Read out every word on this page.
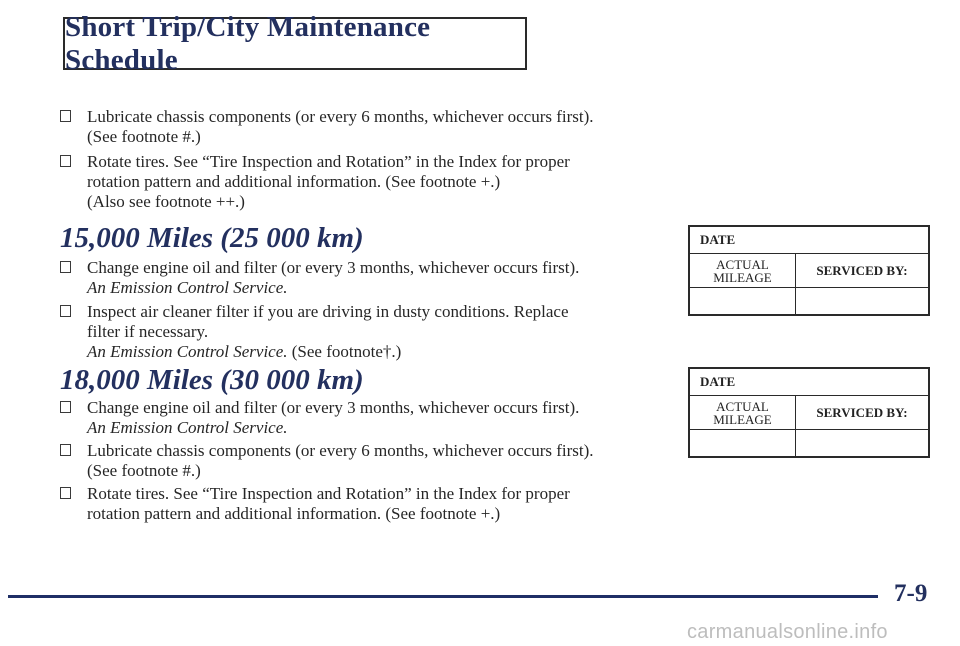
Short Trip/City Maintenance Schedule
Lubricate chassis components (or every 6 months, whichever occurs first).
(See footnote #.)
Rotate tires. See “Tire Inspection and Rotation” in the Index for proper
rotation pattern and additional information. (See footnote +.)
(Also see footnote ++.)
15,000 Miles (25 000 km)
Change engine oil and filter (or every 3 months, whichever occurs first).
An Emission Control Service.
Inspect air cleaner filter if you are driving in dusty conditions. Replace
filter if necessary.
An Emission Control Service. (See footnote†.)
DATE
ACTUAL
MILEAGE	SERVICED BY:
18,000 Miles (30 000 km)
Change engine oil and filter (or every 3 months, whichever occurs first).
An Emission Control Service.
Lubricate chassis components (or every 6 months, whichever occurs first).
(See footnote #.)
Rotate tires. See “Tire Inspection and Rotation” in the Index for proper
rotation pattern and additional information. (See footnote +.)
DATE
ACTUAL
MILEAGE	SERVICED BY:
7-9
carmanualsonline.info
